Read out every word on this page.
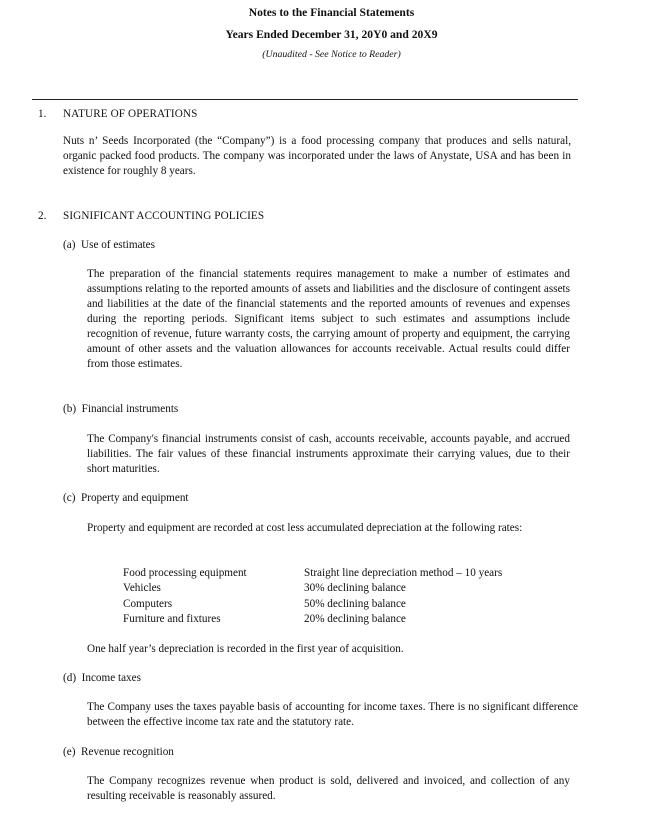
Notes to the Financial Statements
Years Ended December 31, 20Y0 and 20X9
(Unaudited - See Notice to Reader)
1. NATURE OF OPERATIONS
Nuts n’ Seeds Incorporated (the “Company”) is a food processing company that produces and sells natural, organic packed food products. The company was incorporated under the laws of Anystate, USA and has been in existence for roughly 8 years.
2. SIGNIFICANT ACCOUNTING POLICIES
(a) Use of estimates
The preparation of the financial statements requires management to make a number of estimates and assumptions relating to the reported amounts of assets and liabilities and the disclosure of contingent assets and liabilities at the date of the financial statements and the reported amounts of revenues and expenses during the reporting periods. Significant items subject to such estimates and assumptions include recognition of revenue, future warranty costs, the carrying amount of property and equipment, the carrying amount of other assets and the valuation allowances for accounts receivable. Actual results could differ from those estimates.
(b) Financial instruments
The Company's financial instruments consist of cash, accounts receivable, accounts payable, and accrued liabilities. The fair values of these financial instruments approximate their carrying values, due to their short maturities.
(c) Property and equipment
Property and equipment are recorded at cost less accumulated depreciation at the following rates:
Food processing equipment	Straight line depreciation method – 10 years
Vehicles	30% declining balance
Computers	50% declining balance
Furniture and fixtures	20% declining balance
One half year’s depreciation is recorded in the first year of acquisition.
(d) Income taxes
The Company uses the taxes payable basis of accounting for income taxes. There is no significant difference between the effective income tax rate and the statutory rate.
(e) Revenue recognition
The Company recognizes revenue when product is sold, delivered and invoiced, and collection of any resulting receivable is reasonably assured.
